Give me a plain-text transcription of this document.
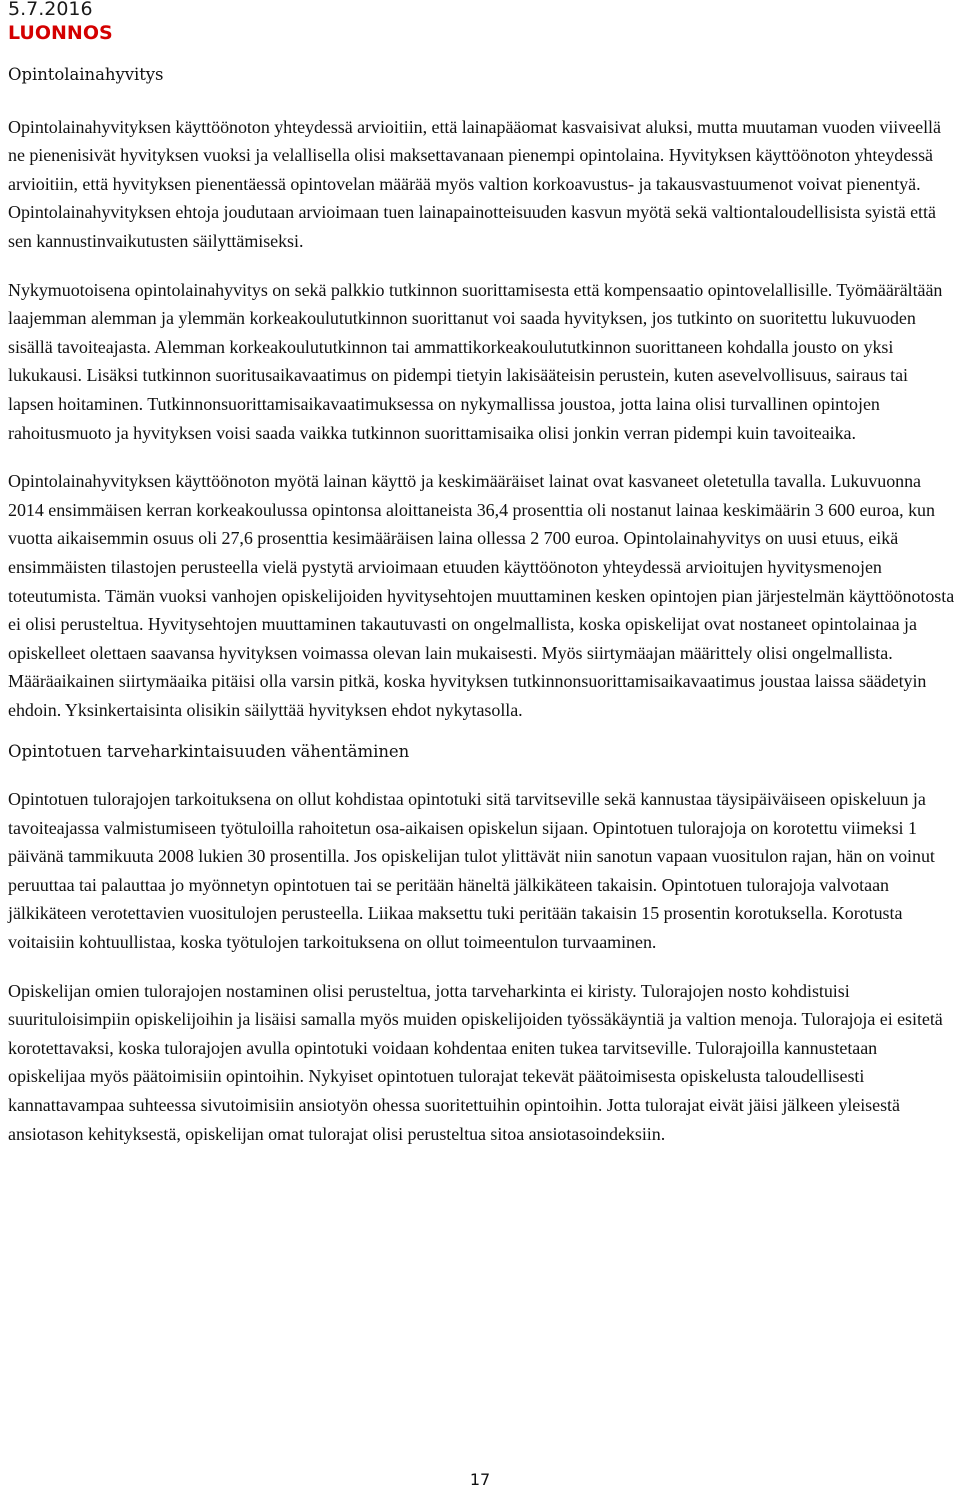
5.7.2016
LUONNOS
Opintolainahyvitys

Opintolainahyvityksen käyttöönoton yhteydessä arvioitiin, että lainapääomat kasvaisivat aluksi, mutta muutaman vuoden viiveellä ne pienenisivät hyvityksen vuoksi ja velallisella olisi maksettavanaan pienempi opintolaina. Hyvityksen käyttöönoton yhteydessä arvioitiin, että hyvityksen pienentäessä opintovelan määrää myös valtion korkoavustus- ja takausvastuumenot voivat pienentyä. Opintolainahyvityksen ehtoja joudutaan arvioimaan tuen lainapainotteisuuden kasvun myötä sekä valtiontaloudellisista syistä että sen kannustinvaikutusten säilyttämiseksi.

Nykymuotoisena opintolainahyvitys on sekä palkkio tutkinnon suorittamisesta että kompensaatio opintovelallisille. Työmäärältään laajemman alemman ja ylemmän korkeakoulututkinnon suorittanut voi saada hyvityksen, jos tutkinto on suoritettu lukuvuoden sisällä tavoiteajasta. Alemman korkeakoulututkinnon tai ammattikorkeakoulututkinnon suorittaneen kohdalla jousto on yksi lukukausi. Lisäksi tutkinnon suoritusaikavaatimus on pidempi tietyin lakisääteisin perustein, kuten asevelvollisuus, sairaus tai lapsen hoitaminen. Tutkinnonsuorittamisaikavaatimuksessa on nykymallissa joustoa, jotta laina olisi turvallinen opintojen rahoitusmuoto ja hyvityksen voisi saada vaikka tutkinnon suorittamisaika olisi jonkin verran pidempi kuin tavoiteaika.

Opintolainahyvityksen käyttöönoton myötä lainan käyttö ja keskimääräiset lainat ovat kasvaneet oletetulla tavalla. Lukuvuonna 2014 ensimmäisen kerran korkeakoulussa opintonsa aloittaneista 36,4 prosenttia oli nostanut lainaa keskimäärin 3 600 euroa, kun vuotta aikaisemmin osuus oli 27,6 prosenttia kesimääräisen laina ollessa 2 700 euroa. Opintolainahyvitys on uusi etuus, eikä ensimmäisten tilastojen perusteella vielä pystytä arvioimaan etuuden käyttöönoton yhteydessä arvioitujen hyvitysmenojen toteutumista. Tämän vuoksi vanhojen opiskelijoiden hyvitysehtojen muuttaminen kesken opintojen pian järjestelmän käyttöönotosta ei olisi perusteltua. Hyvitysehtojen muuttaminen takautuvasti on ongelmallista, koska opiskelijat ovat nostaneet opintolainaa ja opiskelleet olettaen saavansa hyvityksen voimassa olevan lain mukaisesti. Myös siirtymäajan määrittely olisi ongelmallista. Määräaikainen siirtymäaika pitäisi olla varsin pitkä, koska hyvityksen tutkinnonsuorittamisaikavaatimus joustaa laissa säädetyin ehdoin. Yksinkertaisinta olisikin säilyttää hyvityksen ehdot nykytasolla.

Opintotuen tarveharkintaisuuden vähentäminen

Opintotuen tulorajojen tarkoituksena on ollut kohdistaa opintotuki sitä tarvitseville sekä kannustaa täysipäiväiseen opiskeluun ja tavoiteajassa valmistumiseen työtuloilla rahoitetun osa-aikaisen opiskelun sijaan. Opintotuen tulorajoja on korotettu viimeksi 1 päivänä tammikuuta 2008 lukien 30 prosentilla. Jos opiskelijan tulot ylittävät niin sanotun vapaan vuositulon rajan, hän on voinut peruuttaa tai palauttaa jo myönnetyn opintotuen tai se peritään häneltä jälkikäteen takaisin. Opintotuen tulorajoja valvotaan jälkikäteen verotettavien vuositulojen perusteella. Liikaa maksettu tuki peritään takaisin 15 prosentin korotuksella. Korotusta voitaisiin kohtuullistaa, koska työtulojen tarkoituksena on ollut toimeentulon turvaaminen.

Opiskelijan omien tulorajojen nostaminen olisi perusteltua, jotta tarveharkinta ei kiristy. Tulorajojen nosto kohdistuisi suurituloisimpiin opiskelijoihin ja lisäisi samalla myös muiden opiskelijoiden työssäkäyntiä ja valtion menoja. Tulorajoja ei esitetä korotettavaksi, koska tulorajojen avulla opintotuki voidaan kohdentaa eniten tukea tarvitseville. Tulorajoilla kannustetaan opiskelijaa myös päätoimisiin opintoihin. Nykyiset opintotuen tulorajat tekevät päätoimisesta opiskelusta taloudellisesti kannattavampaa suhteessa sivutoimisiin ansiotyön ohessa suoritettuihin opintoihin. Jotta tulorajat eivät jäisi jälkeen yleisestä ansiotason kehityksestä, opiskelijan omat tulorajat olisi perusteltua sitoa ansiotasoindeksiin.

17
